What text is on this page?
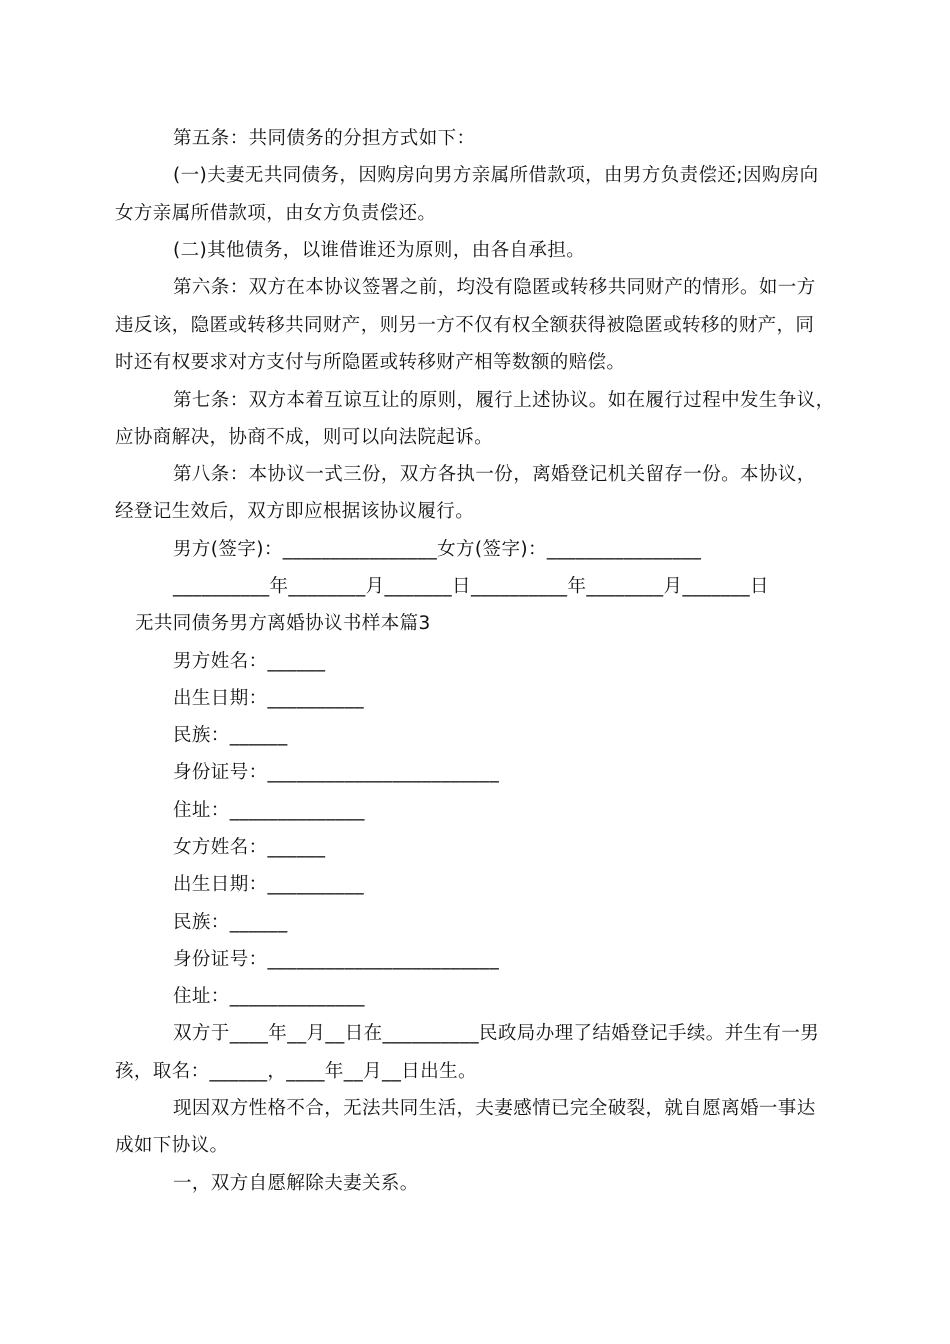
第五条：共同债务的分担方式如下：
(一)夫妻无共同债务，因购房向男方亲属所借款项，由男方负责偿还;因购房向
女方亲属所借款项，由女方负责偿还。
(二)其他债务，以谁借谁还为原则，由各自承担。
第六条：双方在本协议签署之前，均没有隐匿或转移共同财产的情形。如一方
违反该，隐匿或转移共同财产，则另一方不仅有权全额获得被隐匿或转移的财产，同
时还有权要求对方支付与所隐匿或转移财产相等数额的赔偿。
第七条：双方本着互谅互让的原则，履行上述协议。如在履行过程中发生争议，
应协商解决，协商不成，则可以向法院起诉。
第八条：本协议一式三份，双方各执一份，离婚登记机关留存一份。本协议，
经登记生效后，双方即应根据该协议履行。
男方(签字)：________________女方(签字)：________________
__________年________月_______日__________年________月_______日
无共同债务男方离婚协议书样本篇3
男方姓名：______
出生日期：__________
民族：______
身份证号：________________________
住址：______________
女方姓名：______
出生日期：__________
民族：______
身份证号：________________________
住址：______________
双方于____年__月__日在__________民政局办理了结婚登记手续。并生有一男
孩，取名：______，____年__月__日出生。
现因双方性格不合，无法共同生活，夫妻感情已完全破裂，就自愿离婚一事达
成如下协议。
一，双方自愿解除夫妻关系。
